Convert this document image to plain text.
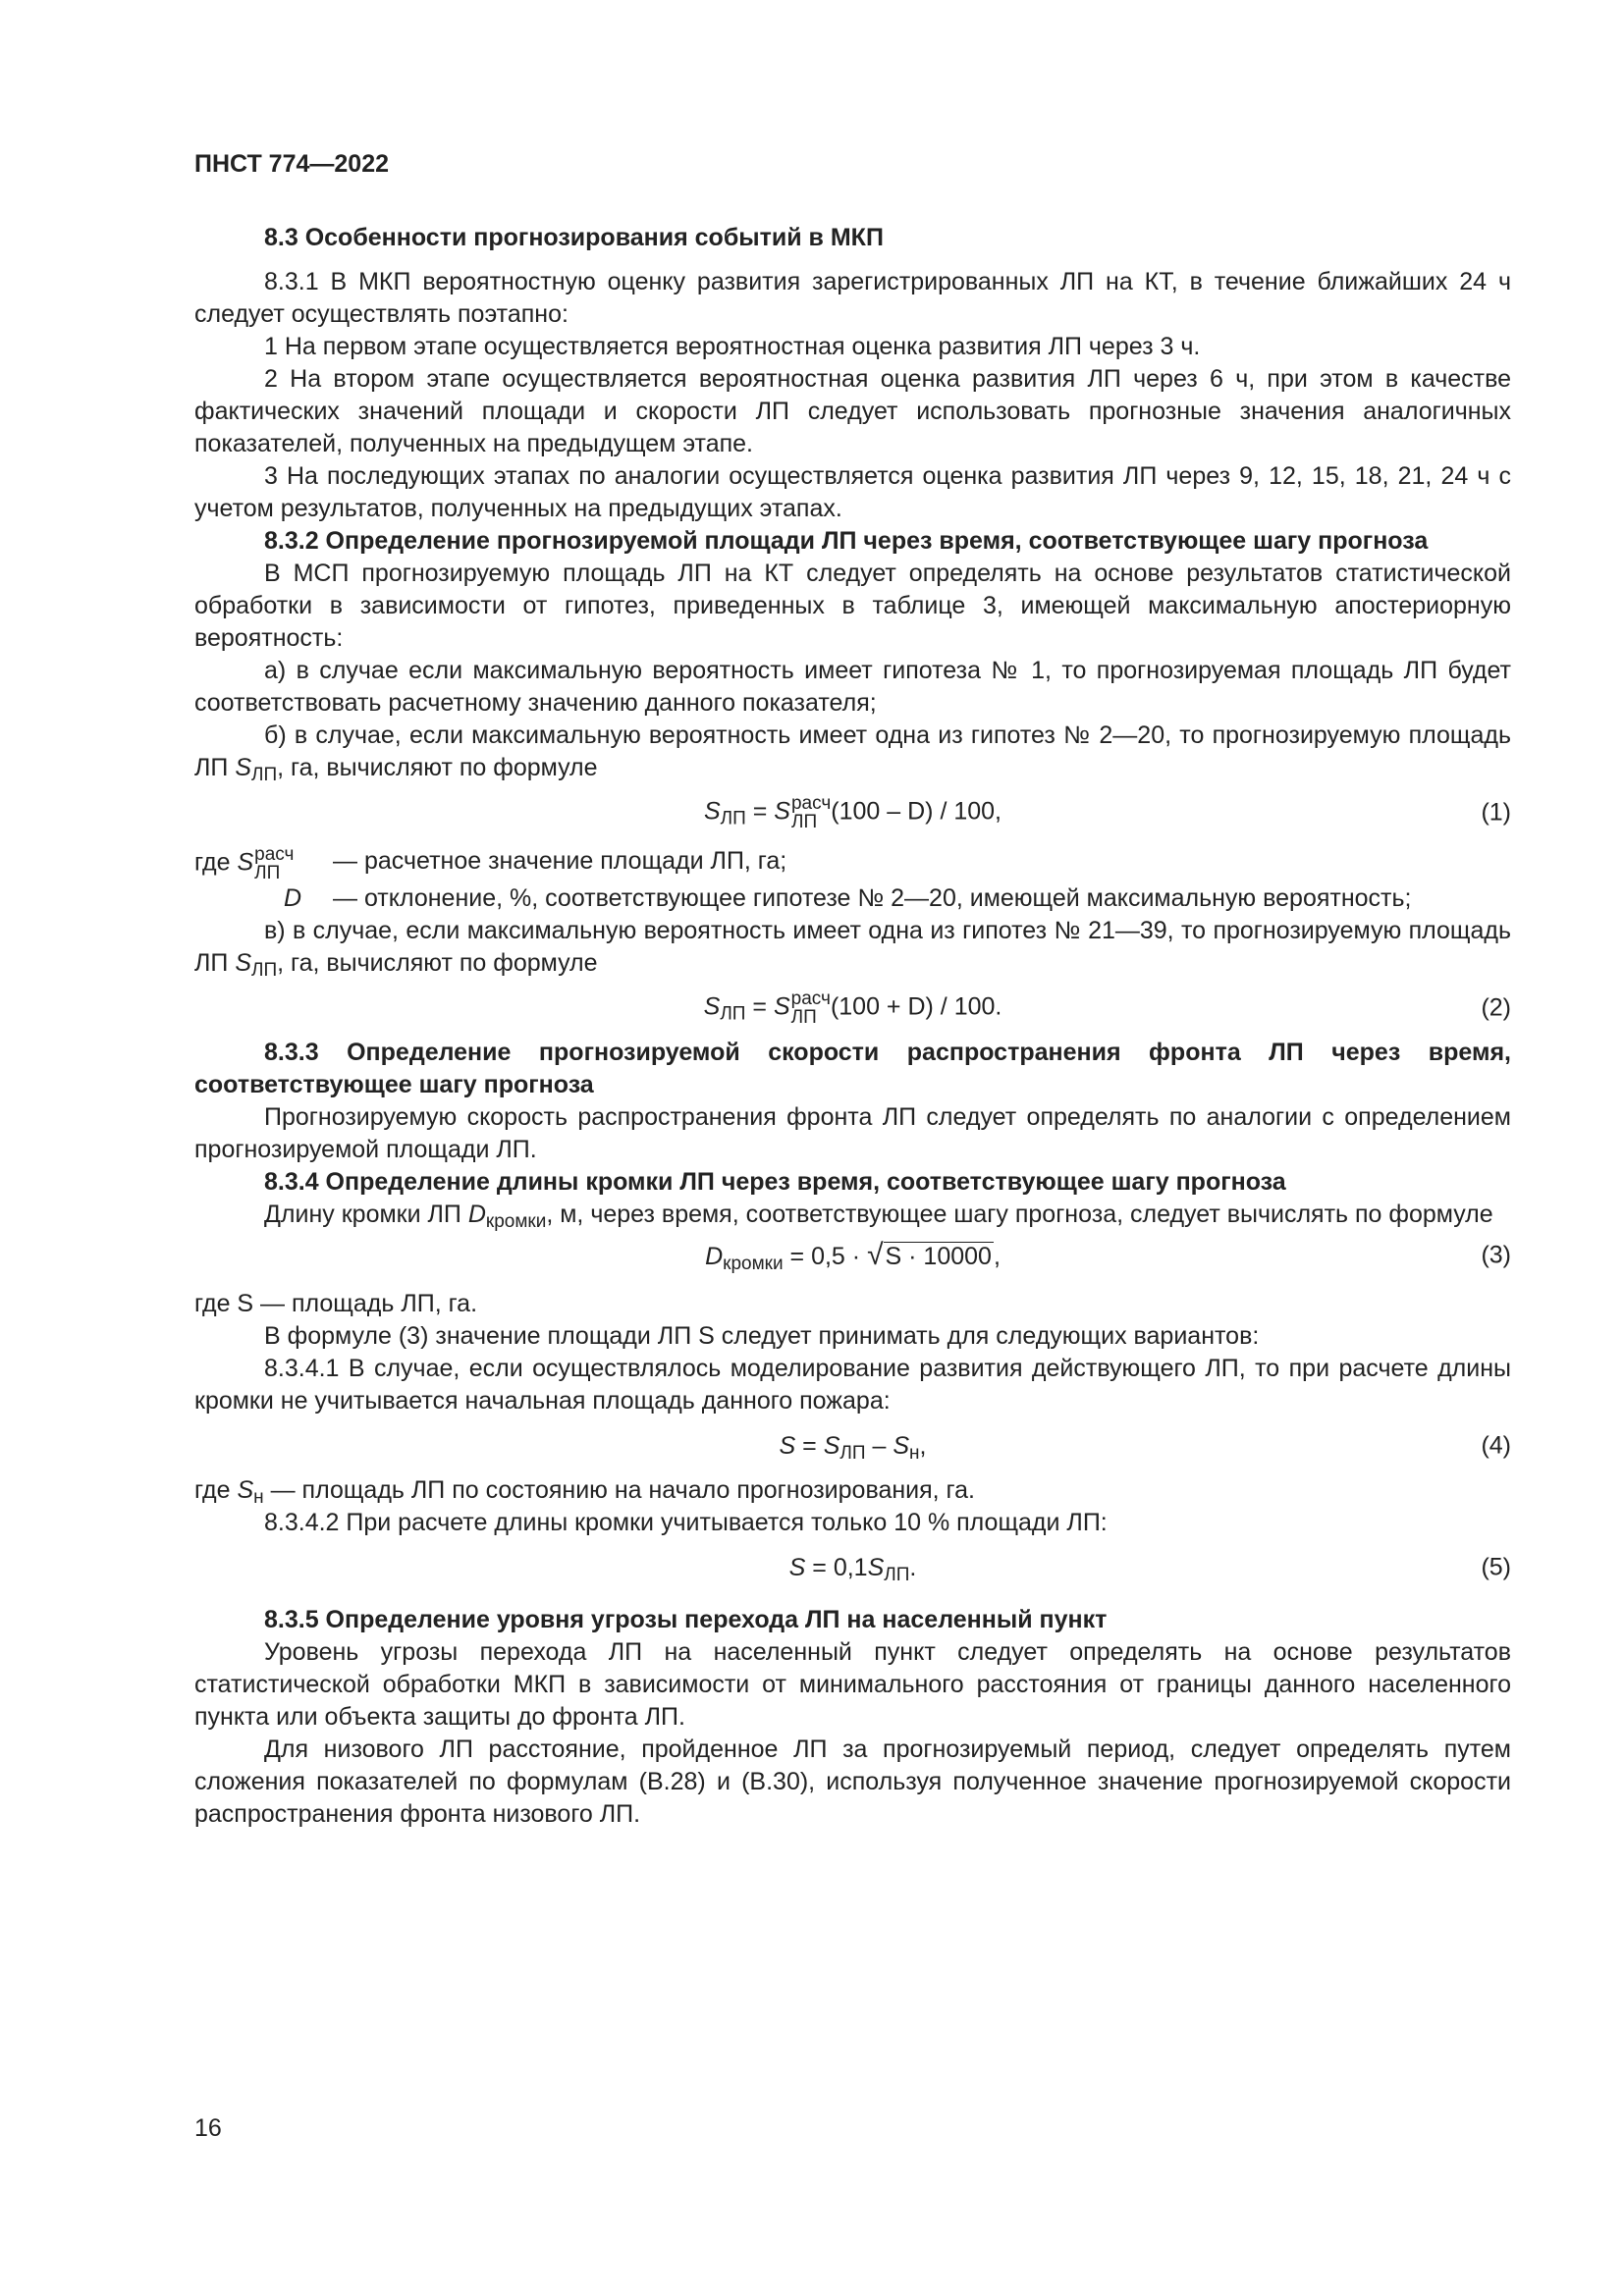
ПНСТ 774—2022

8.3 Особенности прогнозирования событий в МКП

8.3.1 В МКП вероятностную оценку развития зарегистрированных ЛП на КТ, в течение ближайших 24 ч следует осуществлять поэтапно:

1 На первом этапе осуществляется вероятностная оценка развития ЛП через 3 ч.

2 На втором этапе осуществляется вероятностная оценка развития ЛП через 6 ч, при этом в качестве фактических значений площади и скорости ЛП следует использовать прогнозные значения аналогичных показателей, полученных на предыдущем этапе.

3 На последующих этапах по аналогии осуществляется оценка развития ЛП через 9, 12, 15, 18, 21, 24 ч с учетом результатов, полученных на предыдущих этапах.

8.3.2 Определение прогнозируемой площади ЛП через время, соответствующее шагу прогноза

В МСП прогнозируемую площадь ЛП на КТ следует определять на основе результатов статистической обработки в зависимости от гипотез, приведенных в таблице 3, имеющей максимальную апостериорную вероятность:

а) в случае если максимальную вероятность имеет гипотеза № 1, то прогнозируемая площадь ЛП будет соответствовать расчетному значению данного показателя;

б) в случае, если максимальную вероятность имеет одна из гипотез № 2—20, то прогнозируемую площадь ЛП $S_{ЛП}$, га, вычисляют по формуле

$S_{ЛП} = S$ расч
ЛП (100 – D) / 100,	(1)
где S расч
ЛП	— расчетное значение площади ЛП, га;
D	— отклонение, %, соответствующее гипотезе № 2—20, имеющей максимальную вероятность;

в) в случае, если максимальную вероятность имеет одна из гипотез № 21—39, то прогнозируемую площадь ЛП $S_{ЛП}$, га, вычисляют по формуле

$S_{ЛП} = S$ расч
ЛП (100 + D) / 100.	(2)

8.3.3 Определение прогнозируемой скорости распространения фронта ЛП через время, соответствующее шагу прогноза

Прогнозируемую скорость распространения фронта ЛП следует определять по аналогии с определением прогнозируемой площади ЛП.

8.3.4 Определение длины кромки ЛП через время, соответствующее шагу прогноза

Длину кромки ЛП $D_{кромки}$, м, через время, соответствующее шагу прогноза, следует вычислять по формуле

$D_{кромки} = 0,5 \cdot √S \cdot 10000$,	(3)

где S — площадь ЛП, га.

В формуле (3) значение площади ЛП S следует принимать для следующих вариантов:

8.3.4.1 В случае, если осуществлялось моделирование развития действующего ЛП, то при расчете длины кромки не учитывается начальная площадь данного пожара:

$S = S_{ЛП} - S_н$,	(4)

где $S_н$ — площадь ЛП по состоянию на начало прогнозирования, га.

8.3.4.2 При расчете длины кромки учитывается только 10 % площади ЛП:

$S = 0,1S_{ЛП}$.	(5)

8.3.5 Определение уровня угрозы перехода ЛП на населенный пункт

Уровень угрозы перехода ЛП на населенный пункт следует определять на основе результатов статистической обработки МКП в зависимости от минимального расстояния от границы данного населенного пункта или объекта защиты до фронта ЛП.

Для низового ЛП расстояние, пройденное ЛП за прогнозируемый период, следует определять путем сложения показателей по формулам (В.28) и (В.30), используя полученное значение прогнозируемой скорости распространения фронта низового ЛП.

16
